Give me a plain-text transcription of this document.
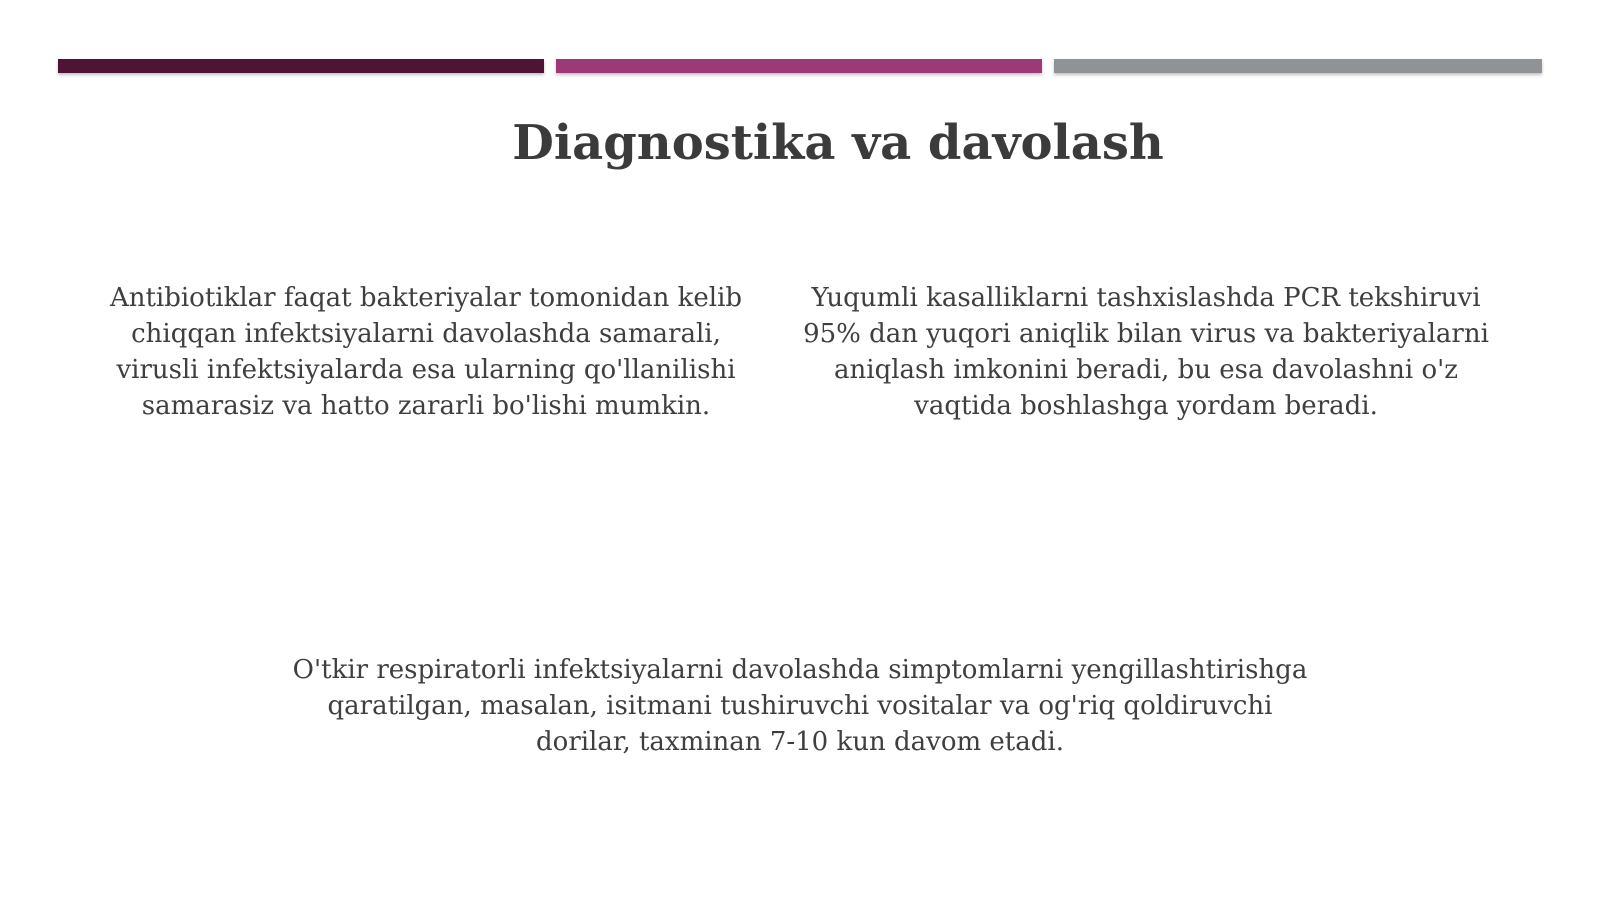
Diagnostika va davolash

Antibiotiklar faqat bakteriyalar tomonidan kelib chiqqan infektsiyalarni davolashda samarali, virusli infektsiyalarda esa ularning qo'llanilishi samarasiz va hatto zararli bo'lishi mumkin.

Yuqumli kasalliklarni tashxislashda PCR tekshiruvi 95% dan yuqori aniqlik bilan virus va bakteriyalarni aniqlash imkonini beradi, bu esa davolashni o'z vaqtida boshlashga yordam beradi.

O'tkir respiratorli infektsiyalarni davolashda simptomlarni yengillashtirishga qaratilgan, masalan, isitmani tushiruvchi vositalar va og'riq qoldiruvchi dorilar, taxminan 7-10 kun davom etadi.
